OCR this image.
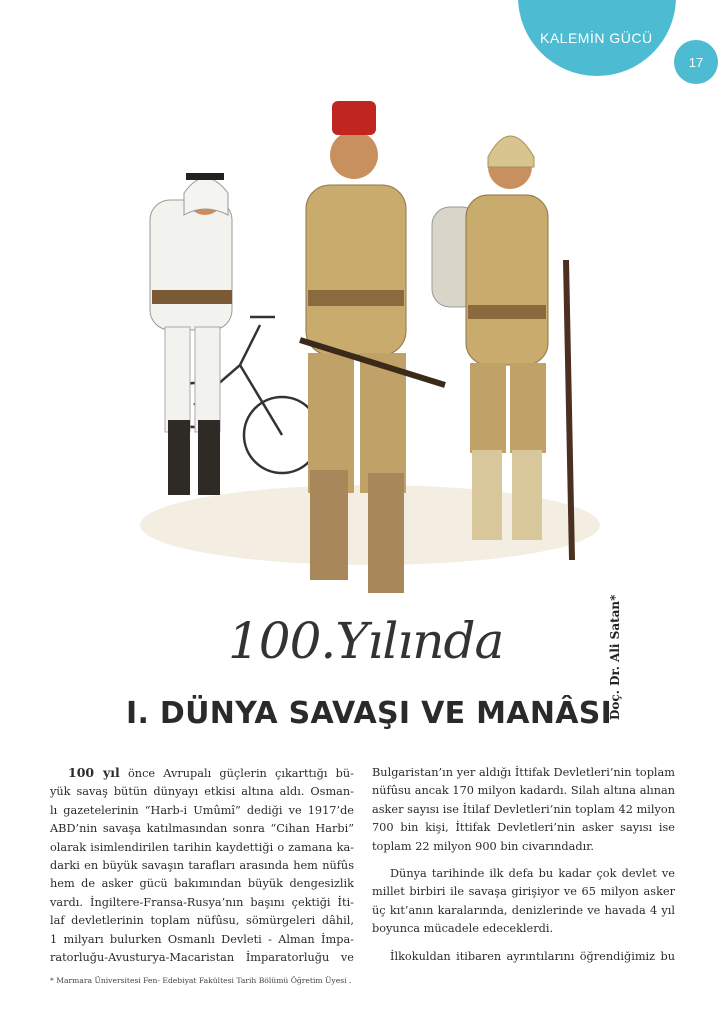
KALEMİN GÜCÜ
17
100.Yılında
I. DÜNYA SAVAŞI VE MANÂSI
Doç. Dr. Ali Satan*

100 yıl önce Avrupalı güçlerin çıkarttığı bü-
yük savaş bütün dünyayı etkisi altına aldı. Osman-
lı gazetelerinin “Harb-i Umûmî” dediği ve 1917’de
ABD’nin savaşa katılmasından sonra “Cihan Harbi”
olarak isimlendirilen tarihin kaydettiği o zamana ka-
darki en büyük savaşın tarafları arasında hem nüfûs
hem de asker gücü bakımından büyük dengesizlik
vardı. İngiltere-Fransa-Rusya’nın başını çektiği İti-
laf devletlerinin toplam nüfûsu, sömürgeleri dâhil,
1 milyarı bulurken Osmanlı Devleti - Alman İmpa-
ratorluğu-Avusturya-Macaristan İmparatorluğu ve

Bulgaristan’ın yer aldığı İttifak Devletleri’nin toplam
nüfûsu ancak 170 milyon kadardı. Silah altına alınan
asker sayısı ise İtilaf Devletleri’nin toplam 42 milyon
700 bin kişi, İttifak Devletleri’nin asker sayısı ise
toplam 22 milyon 900 bin civarındadır.

Dünya tarihinde ilk defa bu kadar çok devlet ve
millet birbiri ile savaşa girişiyor ve 65 milyon asker
üç kıt’anın karalarında, denizlerinde ve havada 4 yıl
boyunca mücadele edeceklerdi.

İlkokuldan itibaren ayrıntılarını öğrendiğimiz bu

* Marmara Üniversitesi Fen- Edebiyat Fakültesi Tarih Bölümü Öğretim Üyesi .
